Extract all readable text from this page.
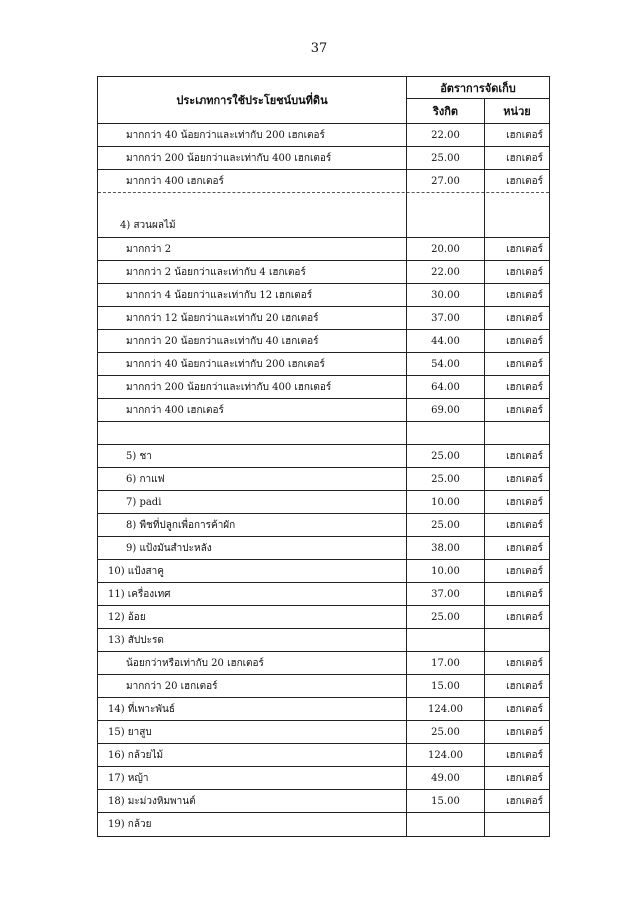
37
ประเภทการใช้ประโยชน์บนที่ดิน
อัตราการจัดเก็บ
ริงกิต	หน่วย
มากกว่า 40 น้อยกว่าและเท่ากับ 200 เฮกเตอร์	22.00	เฮกเตอร์
มากกว่า 200 น้อยกว่าและเท่ากับ 400 เฮกเตอร์	25.00	เฮกเตอร์
มากกว่า 400 เฮกเตอร์	27.00	เฮกเตอร์
4) สวนผลไม้
มากกว่า 2	20.00	เฮกเตอร์
มากกว่า 2 น้อยกว่าและเท่ากับ 4 เฮกเตอร์	22.00	เฮกเตอร์
มากกว่า 4 น้อยกว่าและเท่ากับ 12 เฮกเตอร์	30.00	เฮกเตอร์
มากกว่า 12 น้อยกว่าและเท่ากับ 20 เฮกเตอร์	37.00	เฮกเตอร์
มากกว่า 20 น้อยกว่าและเท่ากับ 40 เฮกเตอร์	44.00	เฮกเตอร์
มากกว่า 40 น้อยกว่าและเท่ากับ 200 เฮกเตอร์	54.00	เฮกเตอร์
มากกว่า 200 น้อยกว่าและเท่ากับ 400 เฮกเตอร์	64.00	เฮกเตอร์
มากกว่า 400 เฮกเตอร์	69.00	เฮกเตอร์
5) ชา	25.00	เฮกเตอร์
6) กาแฟ	25.00	เฮกเตอร์
7) padi	10.00	เฮกเตอร์
8) พืชที่ปลูกเพื่อการค้าผัก	25.00	เฮกเตอร์
9) แป้งมันสำปะหลัง	38.00	เฮกเตอร์
10) แป้งสาคู	10.00	เฮกเตอร์
11) เครื่องเทศ	37.00	เฮกเตอร์
12) อ้อย	25.00	เฮกเตอร์
13) สัปปะรด
น้อยกว่าหรือเท่ากับ 20 เฮกเตอร์	17.00	เฮกเตอร์
มากกว่า 20 เฮกเตอร์	15.00	เฮกเตอร์
14) ที่เพาะพันธ์	124.00	เฮกเตอร์
15) ยาสูบ	25.00	เฮกเตอร์
16) กล้วยไม้	124.00	เฮกเตอร์
17) หญ้า	49.00	เฮกเตอร์
18) มะม่วงหิมพานต์	15.00	เฮกเตอร์
19) กล้วย
